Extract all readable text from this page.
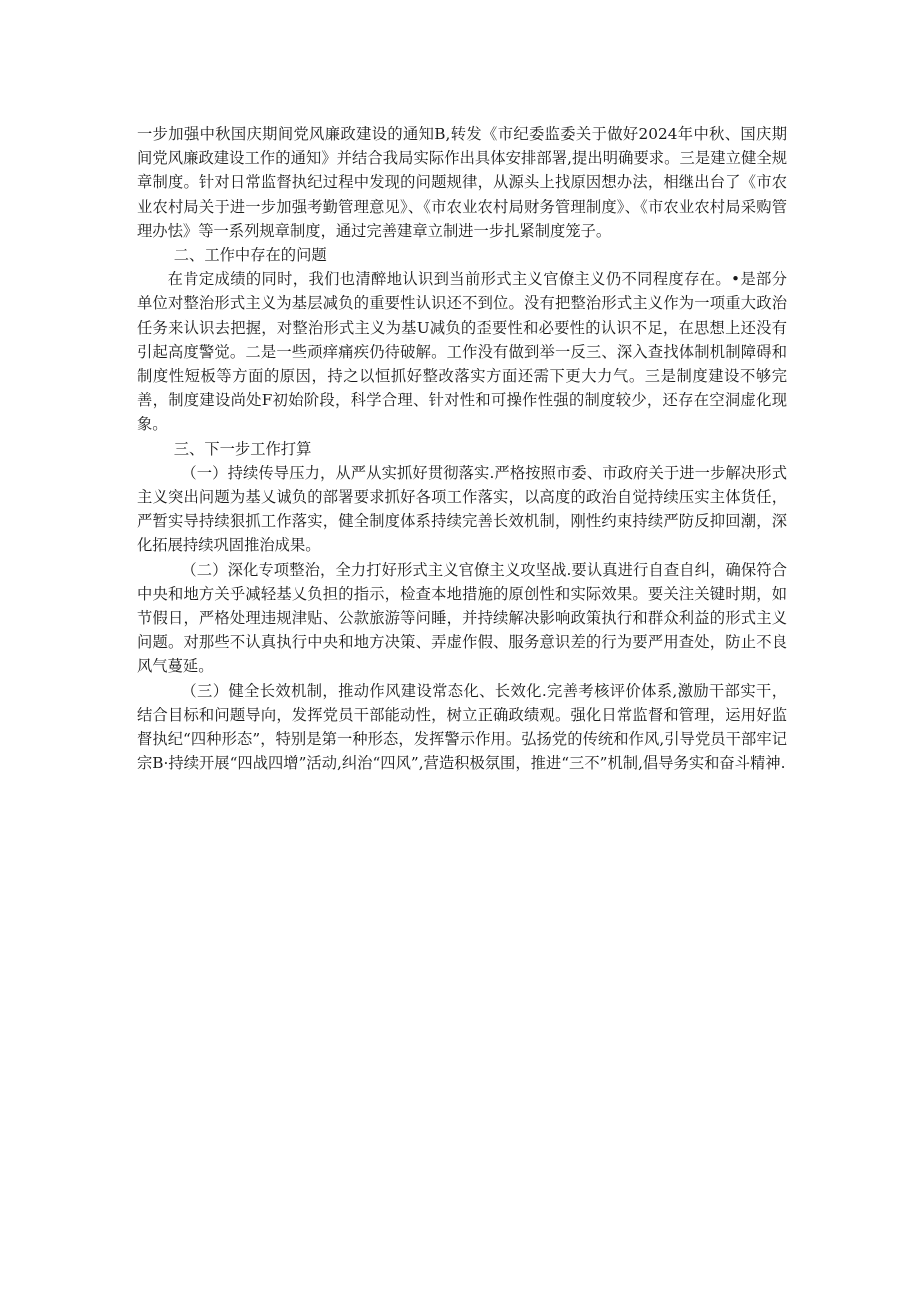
一步加强中秋国庆期间党风廉政建设的通知B,转发《市纪委监委关于做好2024年中秋、国庆期间党风廉政建设工作的通知》并结合我局实际作出具体安排部署,提出明确要求。三是建立健全规章制度。针对日常监督执纪过程中发现的问题规律，从源头上找原因想办法，相继出台了《市农业农村局关于进一步加强考勤管理意见》、《市农业农村局财务管理制度》、《市农业农村局采购管理办怯》等一系列规章制度，通过完善建章立制进一步扎紧制度笼子。

二、工作中存在的问题

在肯定成绩的同时，我们也清醉地认识到当前形式主义官僚主义仍不同程度存在。•是部分单位对整治形式主义为基层减负的重要性认识还不到位。没有把整治形式主义作为一项重大政治任务来认识去把握，对整治形式主义为基U减负的歪要性和必要性的认识不足，在思想上还没有引起高度警觉。二是一些顽痒痛疾仍待破解。工作没有做到举一反三、深入查找体制机制障碍和制度性短板等方面的原因，持之以恒抓好整改落实方面还需下更大力气。三是制度建设不够完善，制度建设尚处F初始阶段，科学合理、针对性和可操作性强的制度较少，还存在空洞虚化现象。

三、下一步工作打算

（一）持续传导压力，从严从实抓好贯彻落实.严格按照市委、市政府关于进一步解决形式主义突出问题为基乂诚负的部署要求抓好各项工作落实，以高度的政治自觉持续压实主体货任，严暂实导持续狠抓工作落实，健全制度体系持续完善长效机制，刚性约束持续严防反抑回潮，深化拓展持续巩固推治成果。

（二）深化专项整治，全力打好形式主义官僚主义攻坚战.要认真进行自查自纠，确保符合中央和地方关乎减轻基乂负担的指示，检查本地措施的原创性和实际效果。要关注关键时期，如节假日，严格处理违规津贴、公款旅游等问睡，并持续解决影响政策执行和群众利益的形式主义问题。对那些不认真执行中央和地方决策、弄虚作假、服务意识差的行为要严用查处，防止不良风气蔓延。

（三）健全长效机制，推动作风建设常态化、长效化.完善考核评价体系,激励干部实干，结合目标和问题导向，发挥党员干部能动性，树立正确政绩观。强化日常监督和管理，运用好监督执纪“四种形态”，特别是第一种形态，发挥警示作用。弘扬党的传统和作风,引导党员干部牢记宗B·持续开展“四战四增”活动,纠治“四风”,营造积极氛围，推进“三不”机制,倡导务实和奋斗精神.
